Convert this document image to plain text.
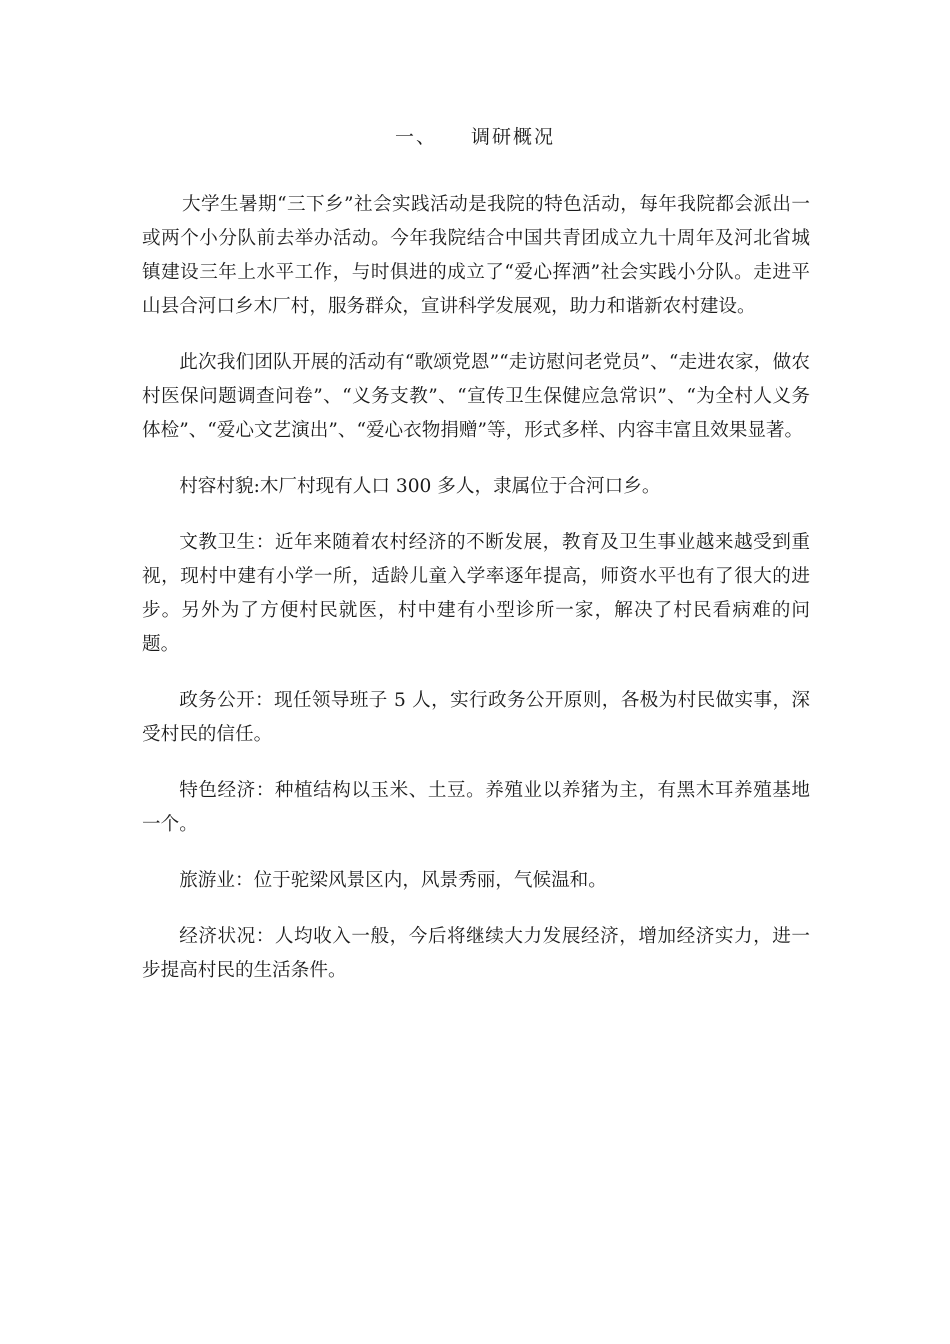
一、 调研概况

大学生暑期“三下乡”社会实践活动是我院的特色活动，每年我院都会派出一或两个小分队前去举办活动。今年我院结合中国共青团成立九十周年及河北省城镇建设三年上水平工作，与时俱进的成立了“爱心挥洒”社会实践小分队。走进平山县合河口乡木厂村，服务群众，宣讲科学发展观，助力和谐新农村建设。

此次我们团队开展的活动有“歌颂党恩”“走访慰问老党员”、“走进农家，做农村医保问题调查问卷”、“义务支教”、“宣传卫生保健应急常识”、“为全村人义务体检”、“爱心文艺演出”、“爱心衣物捐赠”等，形式多样、内容丰富且效果显著。

村容村貌:木厂村现有人口 300 多人，隶属位于合河口乡。

文教卫生：近年来随着农村经济的不断发展，教育及卫生事业越来越受到重视，现村中建有小学一所，适龄儿童入学率逐年提高，师资水平也有了很大的进步。另外为了方便村民就医，村中建有小型诊所一家，解决了村民看病难的问题。

政务公开：现任领导班子 5 人，实行政务公开原则，各极为村民做实事，深受村民的信任。

特色经济：种植结构以玉米、土豆。养殖业以养猪为主，有黑木耳养殖基地一个。

旅游业：位于驼梁风景区内，风景秀丽，气候温和。

经济状况：人均收入一般，今后将继续大力发展经济，增加经济实力，进一步提高村民的生活条件。
